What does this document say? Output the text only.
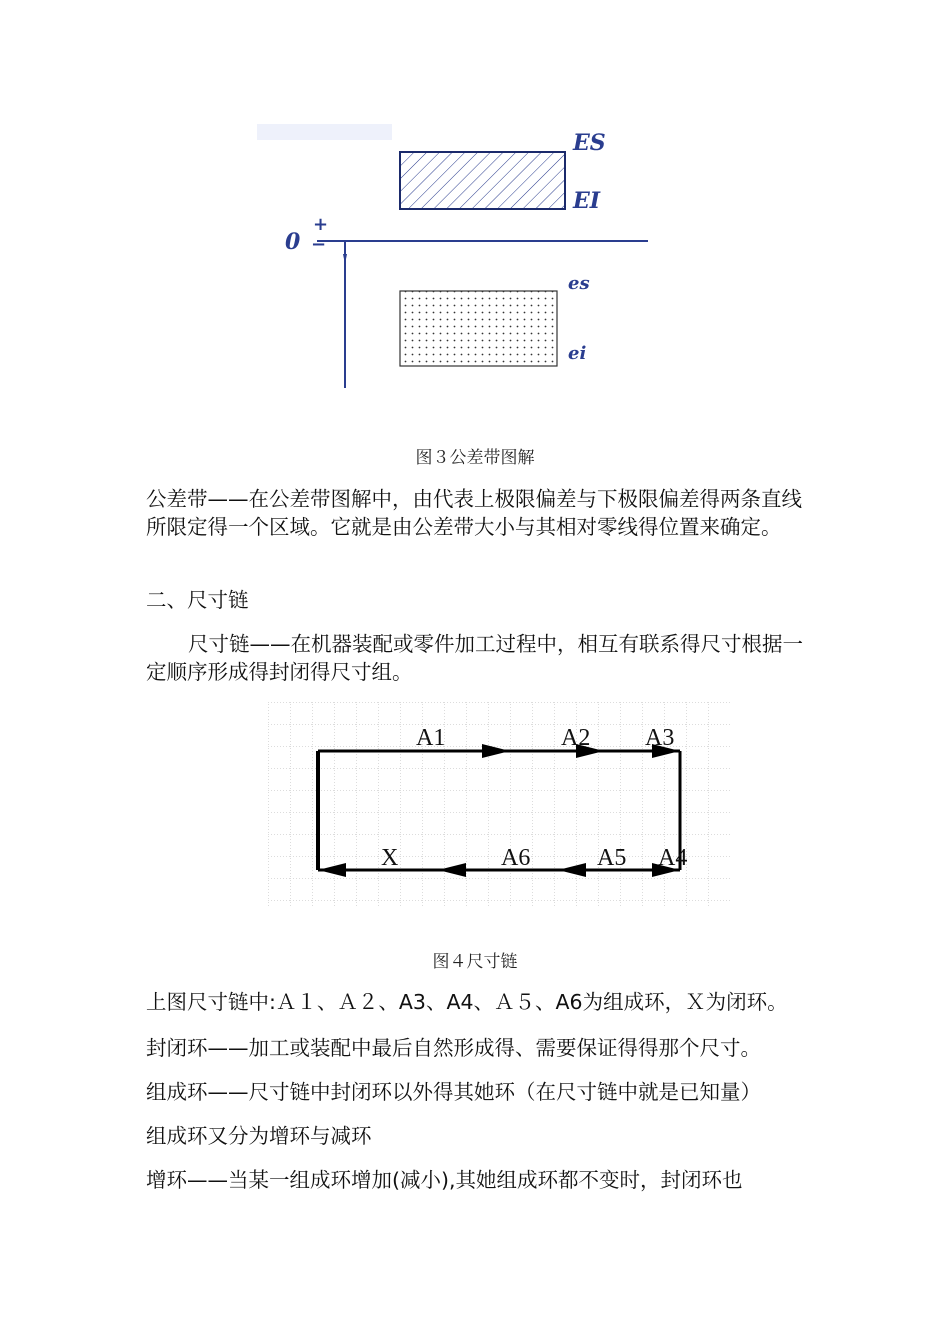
ES
EI
es
ei
0
+
−
图３公差带图解
公差带——在公差带图解中，由代表上极限偏差与下极限偏差得两条直线所限定得一个区域。它就是由公差带大小与其相对零线得位置来确定。
二、尺寸链
尺寸链——在机器装配或零件加工过程中，相互有联系得尺寸根据一定顺序形成得封闭得尺寸组。
A1	A2 A3
A4
A5
A6
X
图４尺寸链
上图尺寸链中:Ａ１、Ａ２、A3、A4、Ａ５、A6为组成环，Ｘ为闭环。
封闭环——加工或装配中最后自然形成得、需要保证得得那个尺寸。
组成环——尺寸链中封闭环以外得其她环（在尺寸链中就是已知量）
组成环又分为增环与减环
增环——当某一组成环增加(减小),其她组成环都不变时，封闭环也
